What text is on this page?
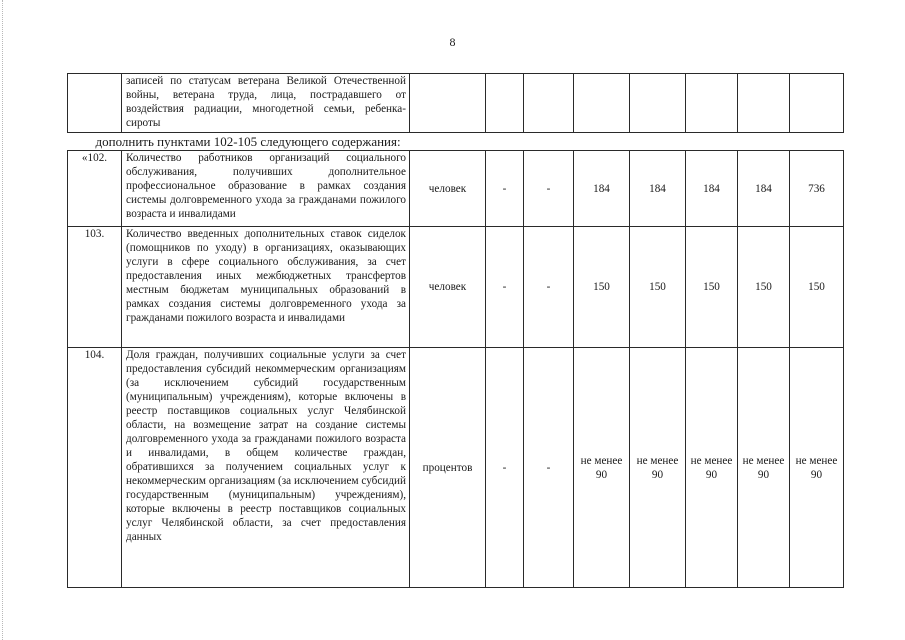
8
	записей по статусам ветерана Великой Отечественной войны, ветерана труда, лица, пострадавшего от воздействия радиации, многодетной семьи, ребенка-сироты								
дополнить пунктами 102-105 следующего содержания:									
«102.	Количество работников организаций социального обслуживания, получивших дополнительное профессиональное образование в рамках создания системы долговременного ухода за гражданами пожилого возраста и инвалидами	человек	-	-	184	184	184	184	736
103.	Количество введенных дополнительных ставок сиделок (помощников по уходу) в организациях, оказывающих услуги в сфере социального обслуживания, за счет предоставления иных межбюджетных трансфертов местным бюджетам муниципальных образований в рамках создания системы долговременного ухода за гражданами пожилого возраста и инвалидами	человек	-	-	150	150	150	150	150
104.	Доля граждан, получивших социальные услуги за счет предоставления субсидий некоммерческим организациям (за исключением субсидий государственным (муниципальным) учреждениям), которые включены в реестр поставщиков социальных услуг Челябинской области, на возмещение затрат на создание системы долговременного ухода за гражданами пожилого возраста и инвалидами, в общем количестве граждан, обратившихся за получением социальных услуг к некоммерческим организациям (за исключением субсидий государственным (муниципальным) учреждениям), которые включены в реестр поставщиков социальных услуг Челябинской области, за счет предоставления данных	процентов	-	-	не менее 90	не менее 90	не менее 90	не менее 90	не менее 90
